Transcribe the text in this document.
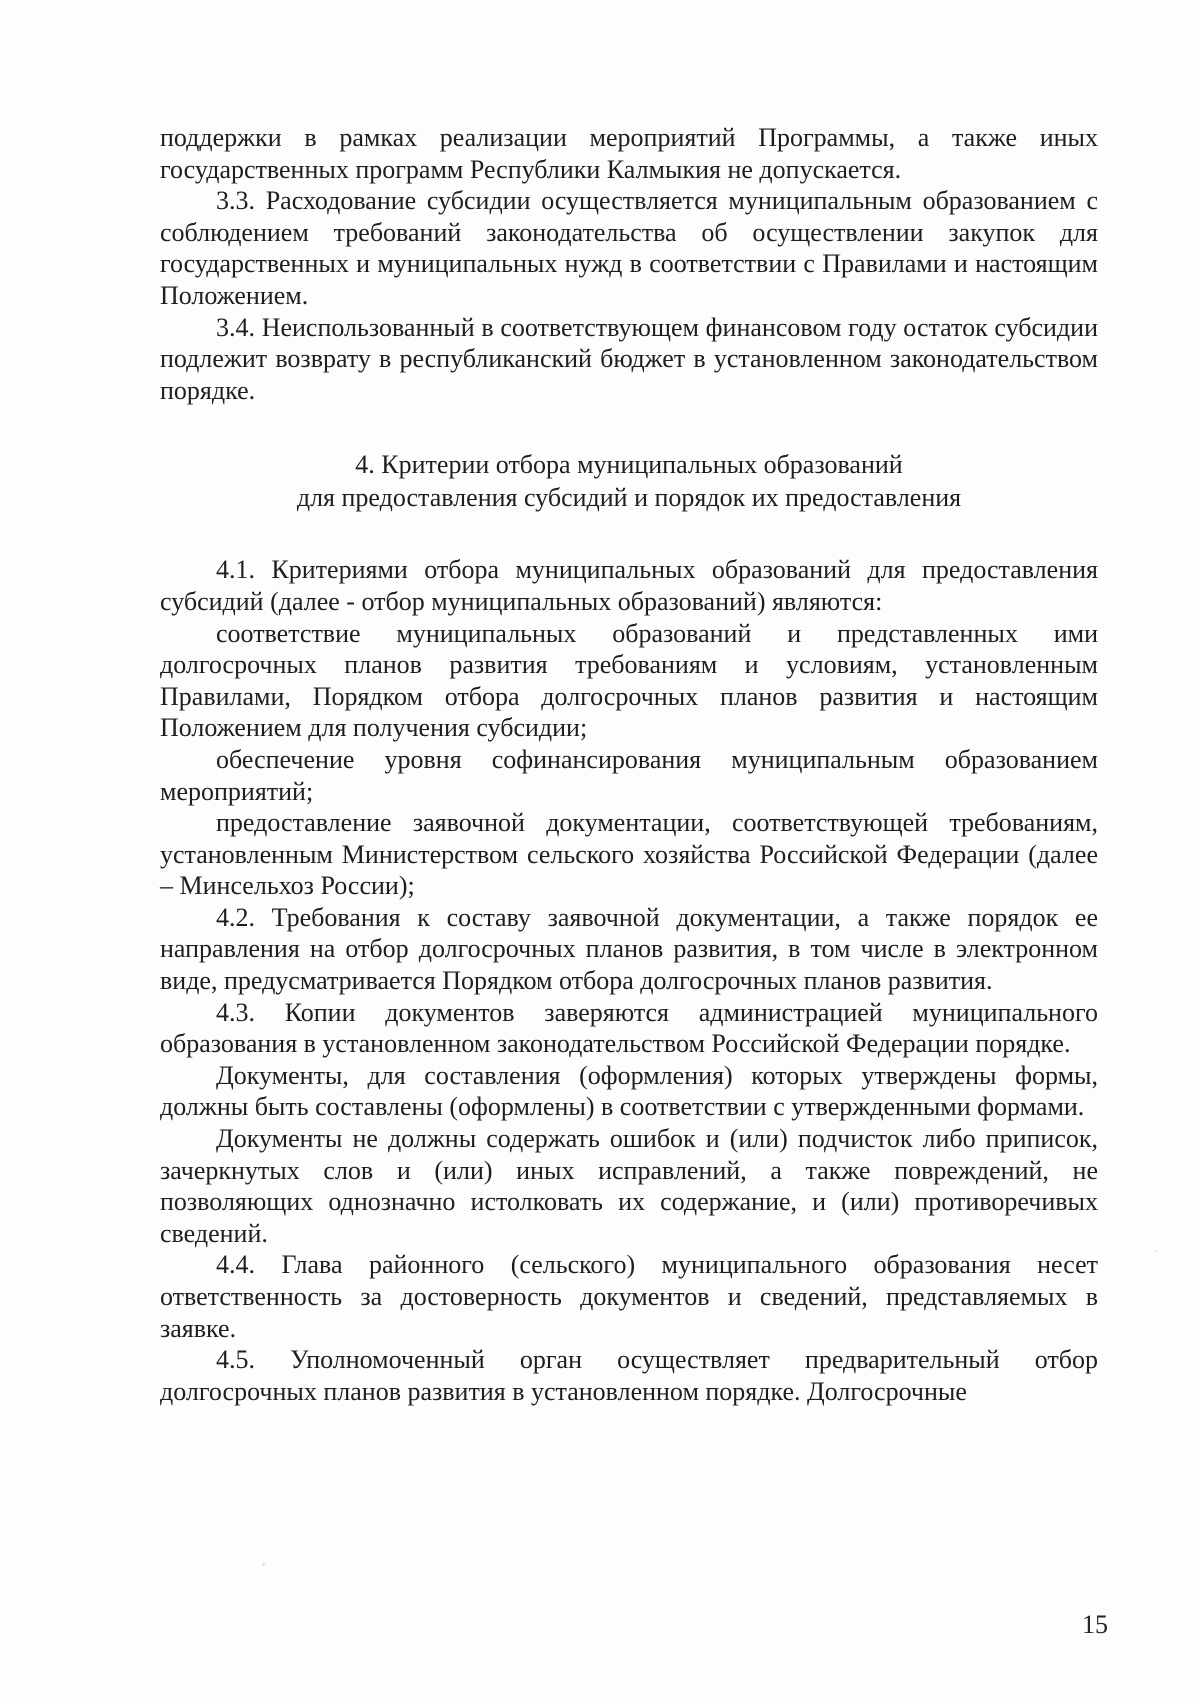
поддержки в рамках реализации мероприятий Программы, а также иных государственных программ Республики Калмыкия не допускается.

3.3. Расходование субсидии осуществляется муниципальным образованием с соблюдением требований законодательства об осуществлении закупок для государственных и муниципальных нужд в соответствии с Правилами и настоящим Положением.

3.4. Неиспользованный в соответствующем финансовом году остаток субсидии подлежит возврату в республиканский бюджет в установленном законодательством порядке.

4. Критерии отбора муниципальных образований
для предоставления субсидий и порядок их предоставления

4.1. Критериями отбора муниципальных образований для предоставления субсидий (далее - отбор муниципальных образований) являются:

соответствие муниципальных образований и представленных ими долгосрочных планов развития требованиям и условиям, установленным Правилами, Порядком отбора долгосрочных планов развития и настоящим Положением для получения субсидии;

обеспечение уровня софинансирования муниципальным образованием мероприятий;

предоставление заявочной документации, соответствующей требованиям, установленным Министерством сельского хозяйства Российской Федерации (далее – Минсельхоз России);

4.2. Требования к составу заявочной документации, а также порядок ее направления на отбор долгосрочных планов развития, в том числе в электронном виде, предусматривается Порядком отбора долгосрочных планов развития.

4.3. Копии документов заверяются администрацией муниципального образования в установленном законодательством Российской Федерации порядке.

Документы, для составления (оформления) которых утверждены формы, должны быть составлены (оформлены) в соответствии с утвержденными формами.

Документы не должны содержать ошибок и (или) подчисток либо приписок, зачеркнутых слов и (или) иных исправлений, а также повреждений, не позволяющих однозначно истолковать их содержание, и (или) противоречивых сведений.

4.4. Глава районного (сельского) муниципального образования несет ответственность за достоверность документов и сведений, представляемых в заявке.

4.5. Уполномоченный орган осуществляет предварительный отбор долгосрочных планов развития в установленном порядке. Долгосрочные

15
